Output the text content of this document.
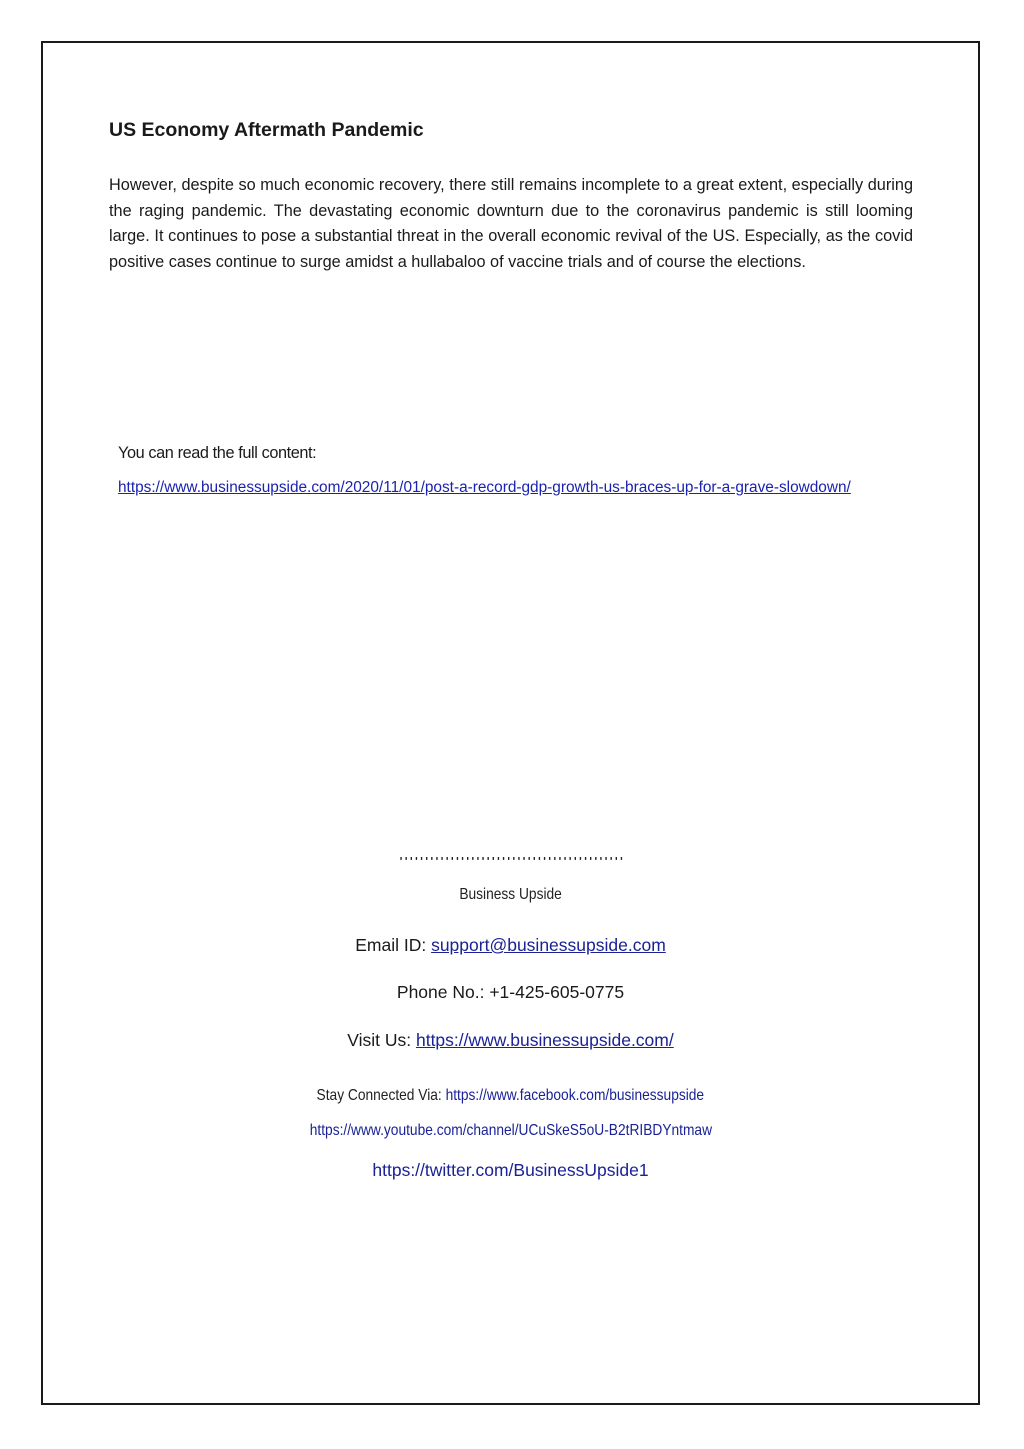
US Economy Aftermath Pandemic

However, despite so much economic recovery, there still remains incomplete to a great extent, especially during the raging pandemic. The devastating economic downturn due to the coronavirus pandemic is still looming large. It continues to pose a substantial threat in the overall economic revival of the US. Especially, as the covid positive cases continue to surge amidst a hullabaloo of vaccine trials and of course the elections.

You can read the full content:

https://www.businessupside.com/2020/11/01/post-a-record-gdp-growth-us-braces-up-for-a-grave-slowdown/
''''''''''''''''''''''''''''''''''''''''''''
Business Upside
Email ID: support@businessupside.com
Phone No.: +1-425-605-0775
Visit Us: https://www.businessupside.com/
Stay Connected Via: https://www.facebook.com/businessupside
https://www.youtube.com/channel/UCuSkeS5oU-B2tRIBDYntmaw
https://twitter.com/BusinessUpside1
